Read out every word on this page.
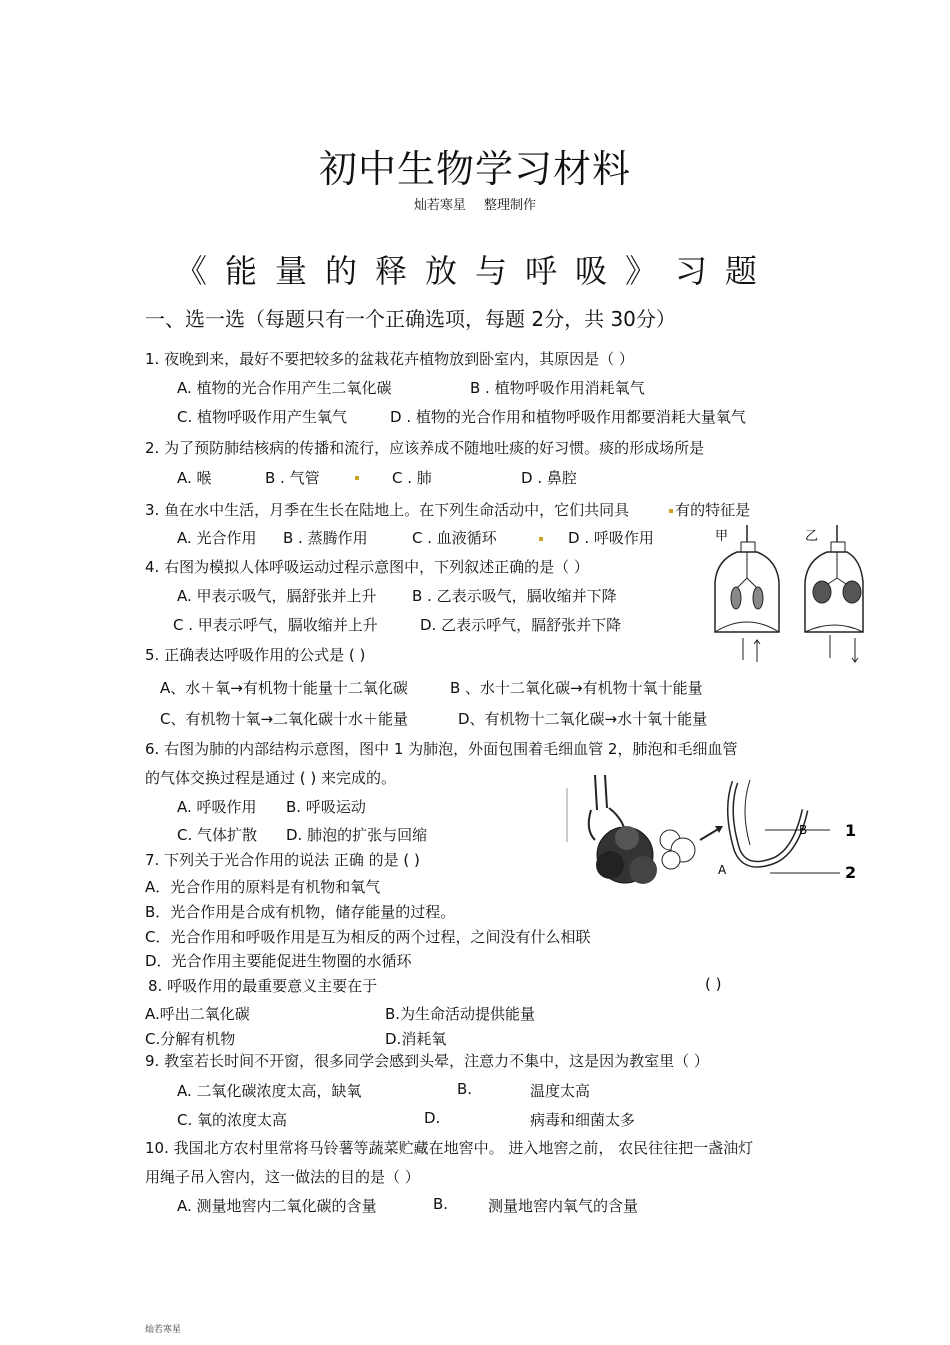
初中生物学习材料
灿若寒星 整理制作
《能量的释放与呼吸》习题
一、选一选（每题只有一个正确选项，每题 2分，共 30分）
1. 夜晚到来，最好不要把较多的盆栽花卉植物放到卧室内，其原因是（ ）
A. 植物的光合作用产生二氧化碳	B . 植物呼吸作用消耗氧气
C. 植物呼吸作用产生氧气	D . 植物的光合作用和植物呼吸作用都要消耗大量氧气
2. 为了预防肺结核病的传播和流行，应该养成不随地吐痰的好习惯。痰的形成场所是
A. 喉	B . 气管	C . 肺	D . 鼻腔
3. 鱼在水中生活，月季在生长在陆地上。在下列生命活动中，它们共同具	有的特征是
A. 光合作用 B . 蒸腾作用	C . 血液循环	D . 呼吸作用
4. 右图为模拟人体呼吸运动过程示意图中，下列叙述正确的是（ ）
A. 甲表示吸气，膈舒张并上升 B . 乙表示吸气，膈收缩并下降
C . 甲表示呼气，膈收缩并上升	D. 乙表示呼气，膈舒张并下降
甲	乙
5. 正确表达呼吸作用的公式是 ( )
A、水＋氧→有机物十能量十二氧化碳	B 、水十二氧化碳→有机物十氧十能量
C、有机物十氧→二氧化碳十水＋能量	D、有机物十二氧化碳→水十氧十能量
6. 右图为肺的内部结构示意图，图中 1 为肺泡，外面包围着毛细血管 2，肺泡和毛细血管
的气体交换过程是通过 ( ) 来完成的。
A. 呼吸作用 B. 呼吸运动
C. 气体扩散 D. 肺泡的扩张与回缩	B 1
2
A
7. 下列关于光合作用的说法 正确 的是 ( )
A．光合作用的原料是有机物和氧气
B．光合作用是合成有机物，储存能量的过程。
C．光合作用和呼吸作用是互为相反的两个过程，之间没有什么相联
D．光合作用主要能促进生物圈的水循环
8. 呼吸作用的最重要意义主要在于	( )
A.呼出二氧化碳	B.为生命活动提供能量
C.分解有机物	D.消耗氧
9. 教室若长时间不开窗，很多同学会感到头晕，注意力不集中，这是因为教室里（ ）
A. 二氧化碳浓度太高，缺氧	B.	温度太高
C. 氧的浓度太高	D.	病毒和细菌太多
10. 我国北方农村里常将马铃薯等蔬菜贮藏在地窖中。 进入地窖之前， 农民往往把一盏油灯
用绳子吊入窖内，这一做法的目的是（ ）
A. 测量地窖内二氧化碳的含量	B.	测量地窖内氧气的含量
灿若寒星
